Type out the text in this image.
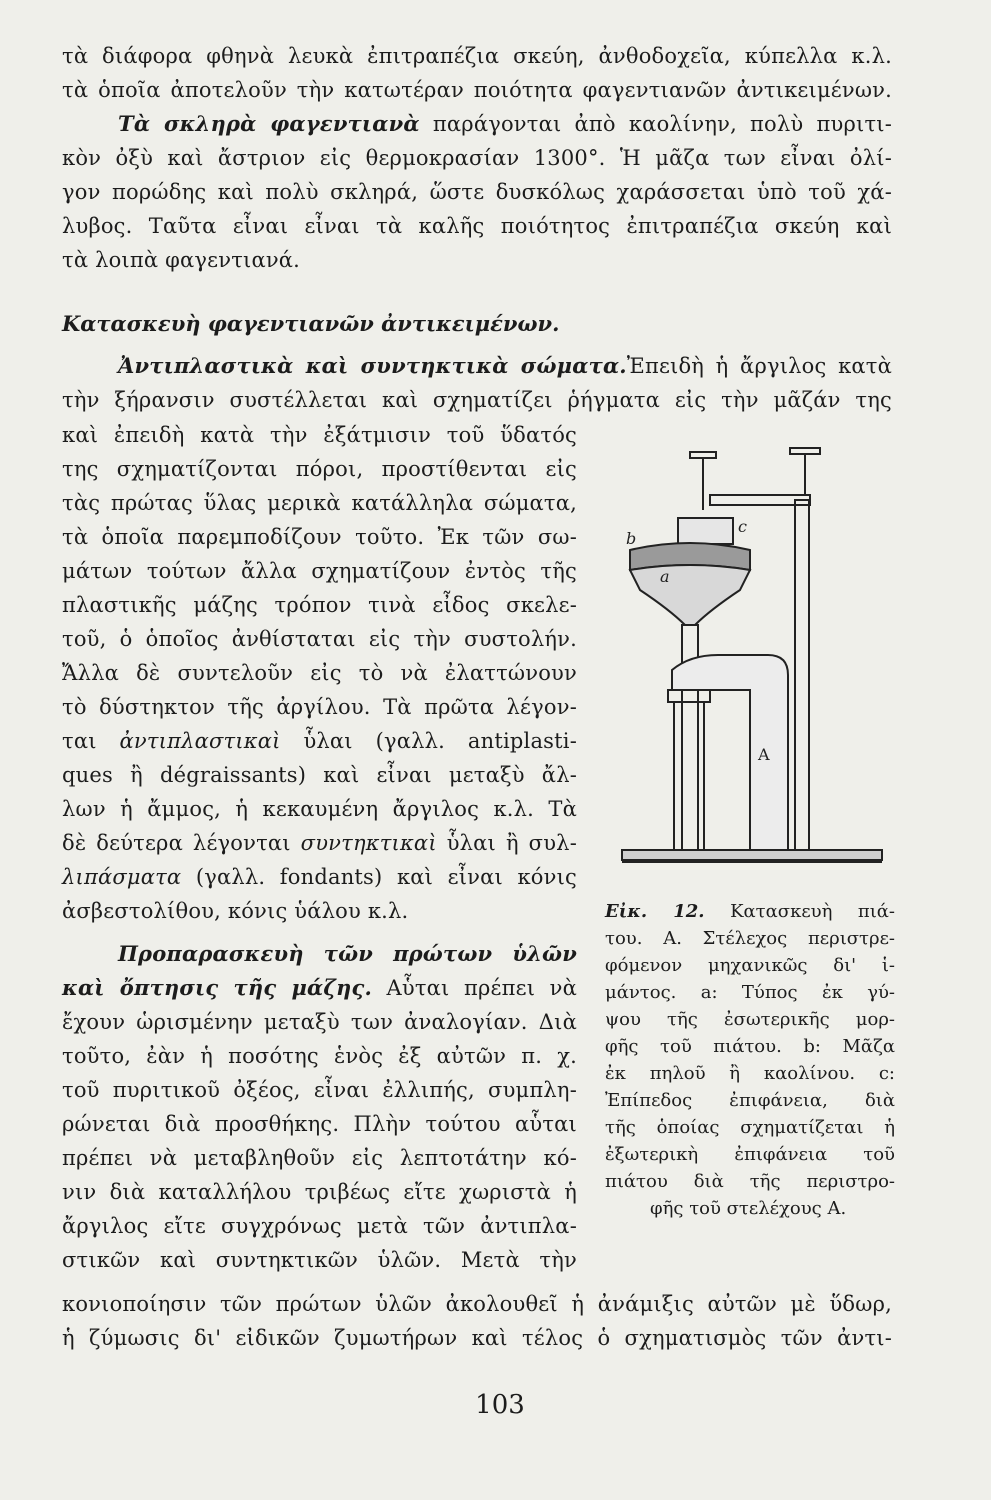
τὰ διάφορα φθηνὰ λευκὰ ἐπιτραπέζια σκεύη, ἀνθοδοχεῖα, κύπελλα κ.λ.
τὰ ὁποῖα ἀποτελοῦν τὴν κατωτέραν ποιότητα φαγεντιανῶν ἀντικειμένων.
Τὰ σκληρὰ φαγεντιανὰ παράγονται ἀπὸ καολίνην, πολὺ πυριτι-
κὸν ὀξὺ καὶ ἄστριον εἰς θερμοκρασίαν 1300°. Ἡ μᾶζα των εἶναι ὀλί-
γον πορώδης καὶ πολὺ σκληρά, ὥστε δυσκόλως χαράσσεται ὑπὸ τοῦ χά-
λυβος. Ταῦτα εἶναι εἶναι τὰ καλῆς ποιότητος ἐπιτραπέζια σκεύη καὶ
τὰ λοιπὰ φαγεντιανά.
Κατασκευὴ φαγεντιανῶν ἀντικειμένων.
Ἀντιπλαστικὰ καὶ συντηκτικὰ σώματα.Ἐπειδὴ ἡ ἄργιλος κατὰ
τὴν ξήρανσιν συστέλλεται καὶ σχηματίζει ῥήγματα εἰς τὴν μᾶζάν της
καὶ ἐπειδὴ κατὰ τὴν ἐξάτμισιν τοῦ ὕδατός
της σχηματίζονται πόροι, προστίθενται εἰς
τὰς πρώτας ὕλας μερικὰ κατάλληλα σώματα,
τὰ ὁποῖα παρεμποδίζουν τοῦτο. Ἐκ τῶν σω-
μάτων τούτων ἄλλα σχηματίζουν ἐντὸς τῆς
πλαστικῆς μάζης τρόπον τινὰ εἶδος σκελε-
τοῦ, ὁ ὁποῖος ἀνθίσταται εἰς τὴν συστολήν.
Ἄλλα δὲ συντελοῦν εἰς τὸ νὰ ἐλαττώνουν
τὸ δύστηκτον τῆς ἀργίλου. Τὰ πρῶτα λέγον-
ται ἀντιπλαστικαὶ ὗλαι (γαλλ. antiplasti-
ques ἢ dégraissants) καὶ εἶναι μεταξὺ ἄλ-
λων ἡ ἄμμος, ἡ κεκαυμένη ἄργιλος κ.λ. Τὰ
δὲ δεύτερα λέγονται συντηκτικαὶ ὗλαι ἢ συλ-
λιπάσματα (γαλλ. fondants) καὶ εἶναι κόνις
ἀσβεστολίθου, κόνις ὑάλου κ.λ.
Προπαρασκευὴ τῶν πρώτων ὑλῶν
καὶ ὄπτησις τῆς μάζης. Αὗται πρέπει νὰ
ἔχουν ὡρισμένην μεταξὺ των ἀναλογίαν. Διὰ
τοῦτο, ἐὰν ἡ ποσότης ἑνὸς ἐξ αὐτῶν π. χ.
τοῦ πυριτικοῦ ὀξέος, εἶναι ἐλλιπής, συμπλη-
ρώνεται διὰ προσθήκης. Πλὴν τούτου αὗται
πρέπει νὰ μεταβληθοῦν εἰς λεπτοτάτην κό-
νιν διὰ καταλλήλου τριβέως εἴτε χωριστὰ ἡ
ἄργιλος εἴτε συγχρόνως μετὰ τῶν ἀντιπλα-
στικῶν καὶ συντηκτικῶν ὑλῶν. Μετὰ τὴν
κονιοποίησιν τῶν πρώτων ὑλῶν ἀκολουθεῖ ἡ ἀνάμιξις αὐτῶν μὲ ὕδωρ,
ἡ ζύμωσις δι' εἰδικῶν ζυμωτήρων καὶ τέλος ὁ σχηματισμὸς τῶν ἀντι-
b
c
a
A
Εἰκ. 12. Κατασκευὴ πιά-
του. Α. Στέλεχος περιστρε-
φόμενον μηχανικῶς δι' ἱ-
μάντος. a: Τύπος ἐκ γύ-
ψου τῆς ἐσωτερικῆς μορ-
φῆς τοῦ πιάτου. b: Μᾶζα
ἐκ πηλοῦ ἢ καολίνου. c:
Ἐπίπεδος ἐπιφάνεια, διὰ
τῆς ὁποίας σχηματίζεται ἡ
ἐξωτερικὴ ἐπιφάνεια τοῦ
πιάτου διὰ τῆς περιστρο-
φῆς τοῦ στελέχους Α.
103
